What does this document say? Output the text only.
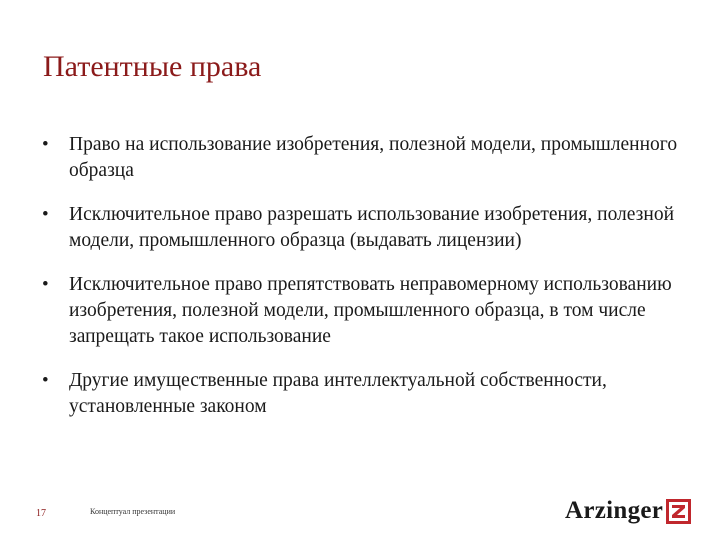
Патентные права
• Право на использование изобретения, полезной модели, промышленного образца
• Исключительное право разрешать использование изобретения, полезной модели, промышленного образца (выдавать лицензии)
• Исключительное право препятствовать неправомерному использованию изобретения, полезной модели, промышленного образца, в том числе запрещать такое использование
• Другие имущественные права интеллектуальной собственности, установленные законом
17	Концептуал презентации	Arzinger
